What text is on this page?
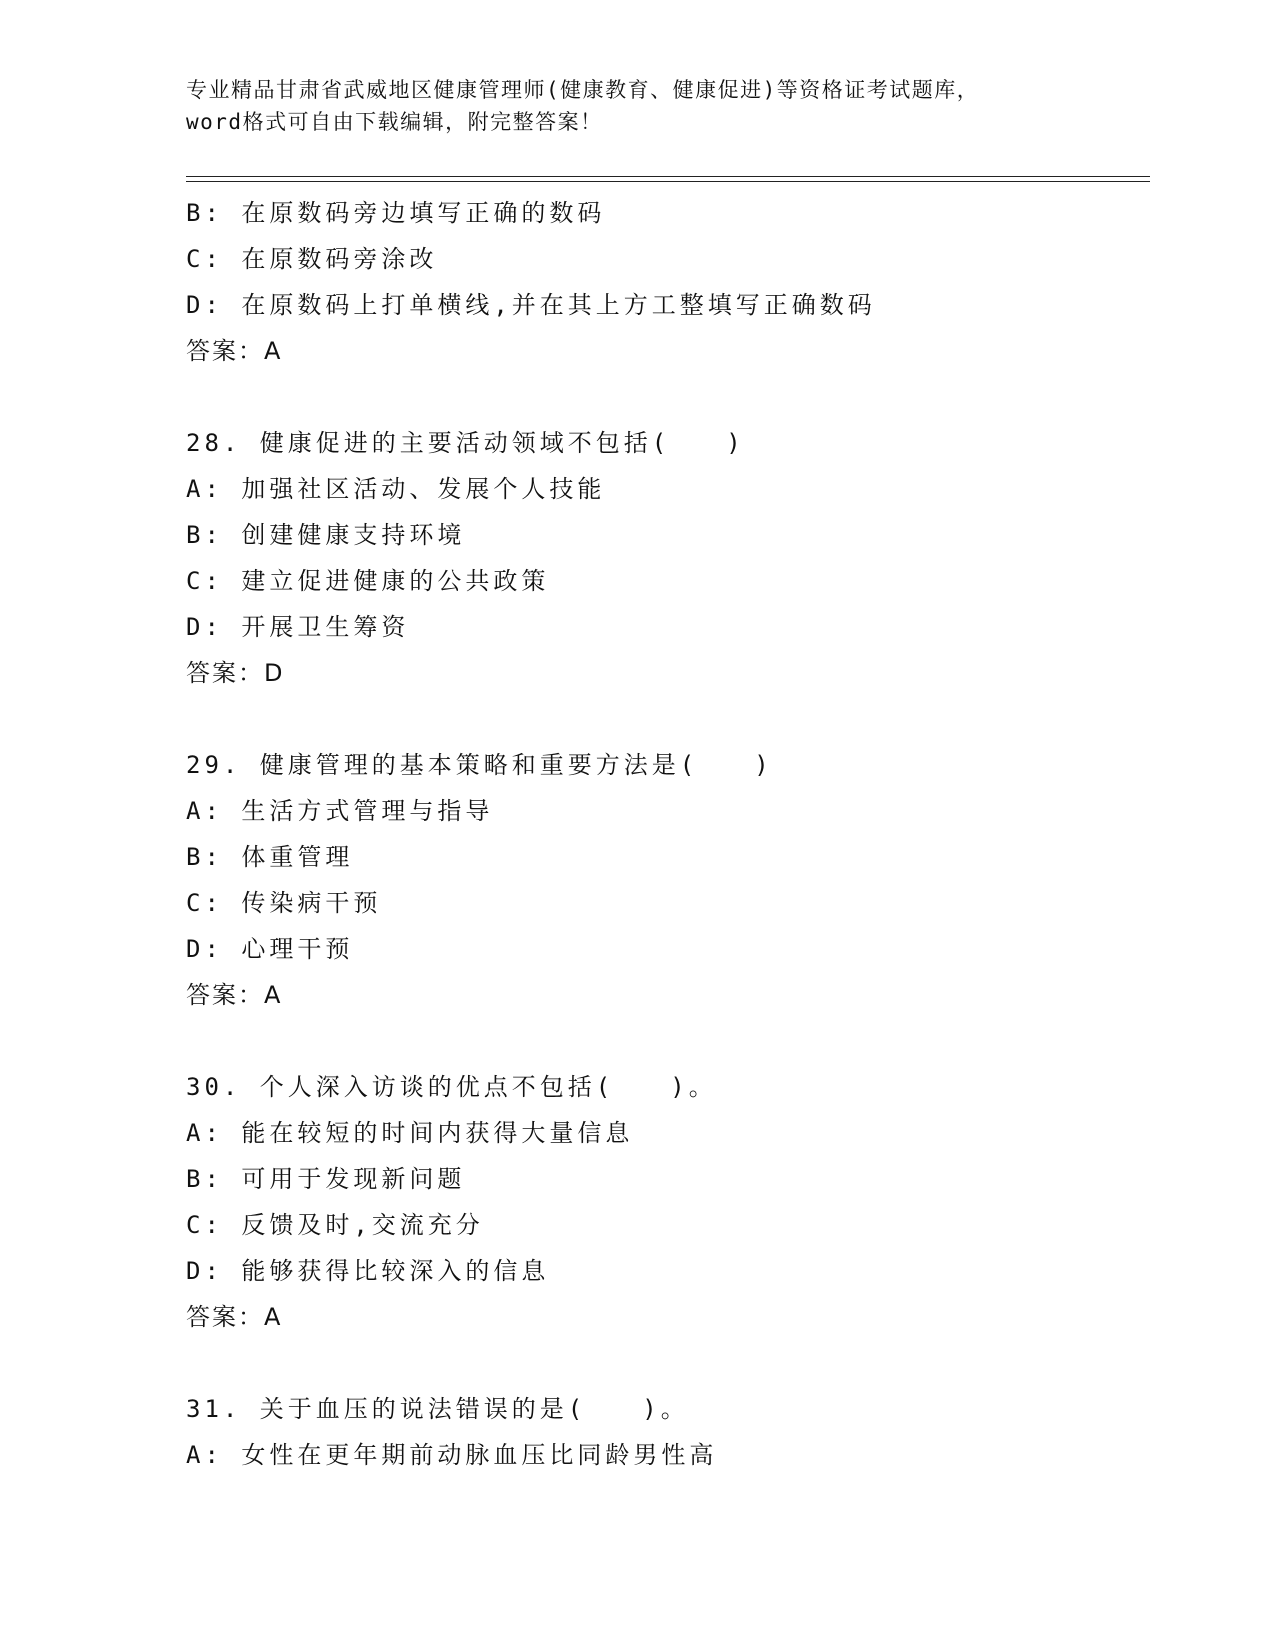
专业精品甘肃省武威地区健康管理师(健康教育、健康促进)等资格证考试题库，
word格式可自由下载编辑，附完整答案！
B: 在原数码旁边填写正确的数码
C: 在原数码旁涂改
D: 在原数码上打单横线,并在其上方工整填写正确数码
答案：A
28. 健康促进的主要活动领域不包括(　　)
A: 加强社区活动、发展个人技能
B: 创建健康支持环境
C: 建立促进健康的公共政策
D: 开展卫生筹资
答案：D
29. 健康管理的基本策略和重要方法是(　　)
A: 生活方式管理与指导
B: 体重管理
C: 传染病干预
D: 心理干预
答案：A
30. 个人深入访谈的优点不包括(　　)。
A: 能在较短的时间内获得大量信息
B: 可用于发现新问题
C: 反馈及时,交流充分
D: 能够获得比较深入的信息
答案：A
31. 关于血压的说法错误的是(　　)。
A: 女性在更年期前动脉血压比同龄男性高
